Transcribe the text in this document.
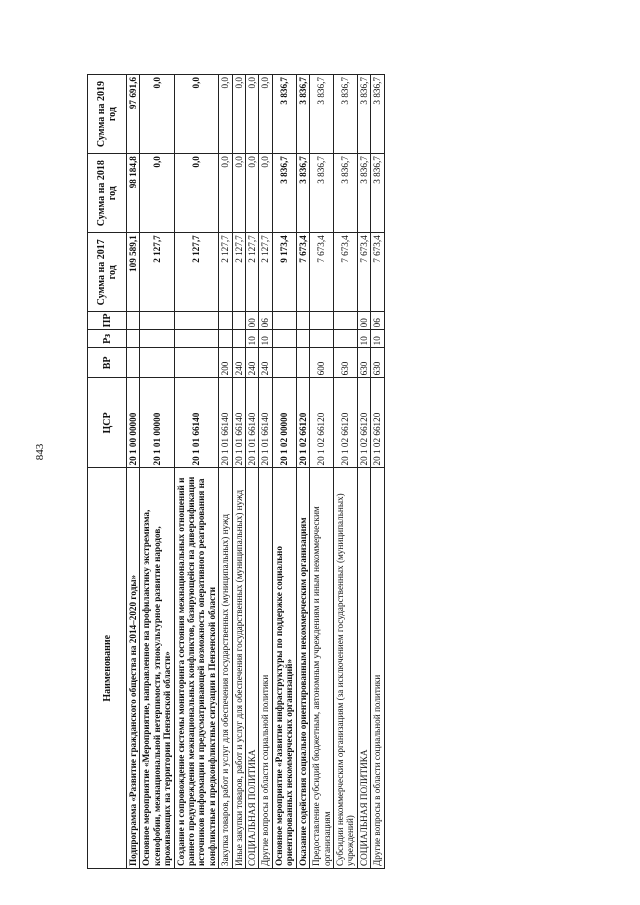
843
Наименование	ЦСР	ВР	Рз	ПР	Сумма на 2017 год	Сумма на 2018 год	Сумма на 2019 год
Подпрограмма «Развитие гражданского общества на 2014–2020 годы»	20 1 00 00000				109 589,1	98 184,8	97 691,6
Основное мероприятие «Мероприятие, направленное на профилактику экстремизма, ксенофобии, межнациональной нетерпимости, этнокультурное развитие народов, проживающих на территории Пензенской области»	20 1 01 00000				2 127,7	0,0	0,0
Создание и сопровождение системы мониторинга состояния межнациональных отношений и раннего предупреждения межнациональных конфликтов, базирующейся на диверсификации источников информации и предусматривающей возможность оперативного реагирования на конфликтные и предконфликтные ситуации в Пензенской области	20 1 01 66140				2 127,7	0,0	0,0
Закупка товаров, работ и услуг для обеспечения государственных (муниципальных) нужд	20 1 01 66140	200			2 127,7	0,0	0,0
Иные закупки товаров, работ и услуг для обеспечения государственных (муниципальных) нужд	20 1 01 66140	240			2 127,7	0,0	0,0
СОЦИАЛЬНАЯ ПОЛИТИКА	20 1 01 66140	240	10	00	2 127,7	0,0	0,0
Другие вопросы в области социальной политики	20 1 01 66140	240	10	06	2 127,7	0,0	0,0
Основное мероприятие «Развитие инфраструктуры по поддержке социально ориентированных некоммерческих организаций»	20 1 02 00000				9 173,4	3 836,7	3 836,7
Оказание содействия социально ориентированным некоммерческим организациям	20 1 02 66120				7 673,4	3 836,7	3 836,7
Предоставление субсидий бюджетным, автономным учреждениям и иным некоммерческим организациям	20 1 02 66120	600			7 673,4	3 836,7	3 836,7
Субсидии некоммерческим организациям (за исключением государственных (муниципальных) учреждений)	20 1 02 66120	630			7 673,4	3 836,7	3 836,7
СОЦИАЛЬНАЯ ПОЛИТИКА	20 1 02 66120	630	10	00	7 673,4	3 836,7	3 836,7
Другие вопросы в области социальной политики	20 1 02 66120	630	10	06	7 673,4	3 836,7	3 836,7
